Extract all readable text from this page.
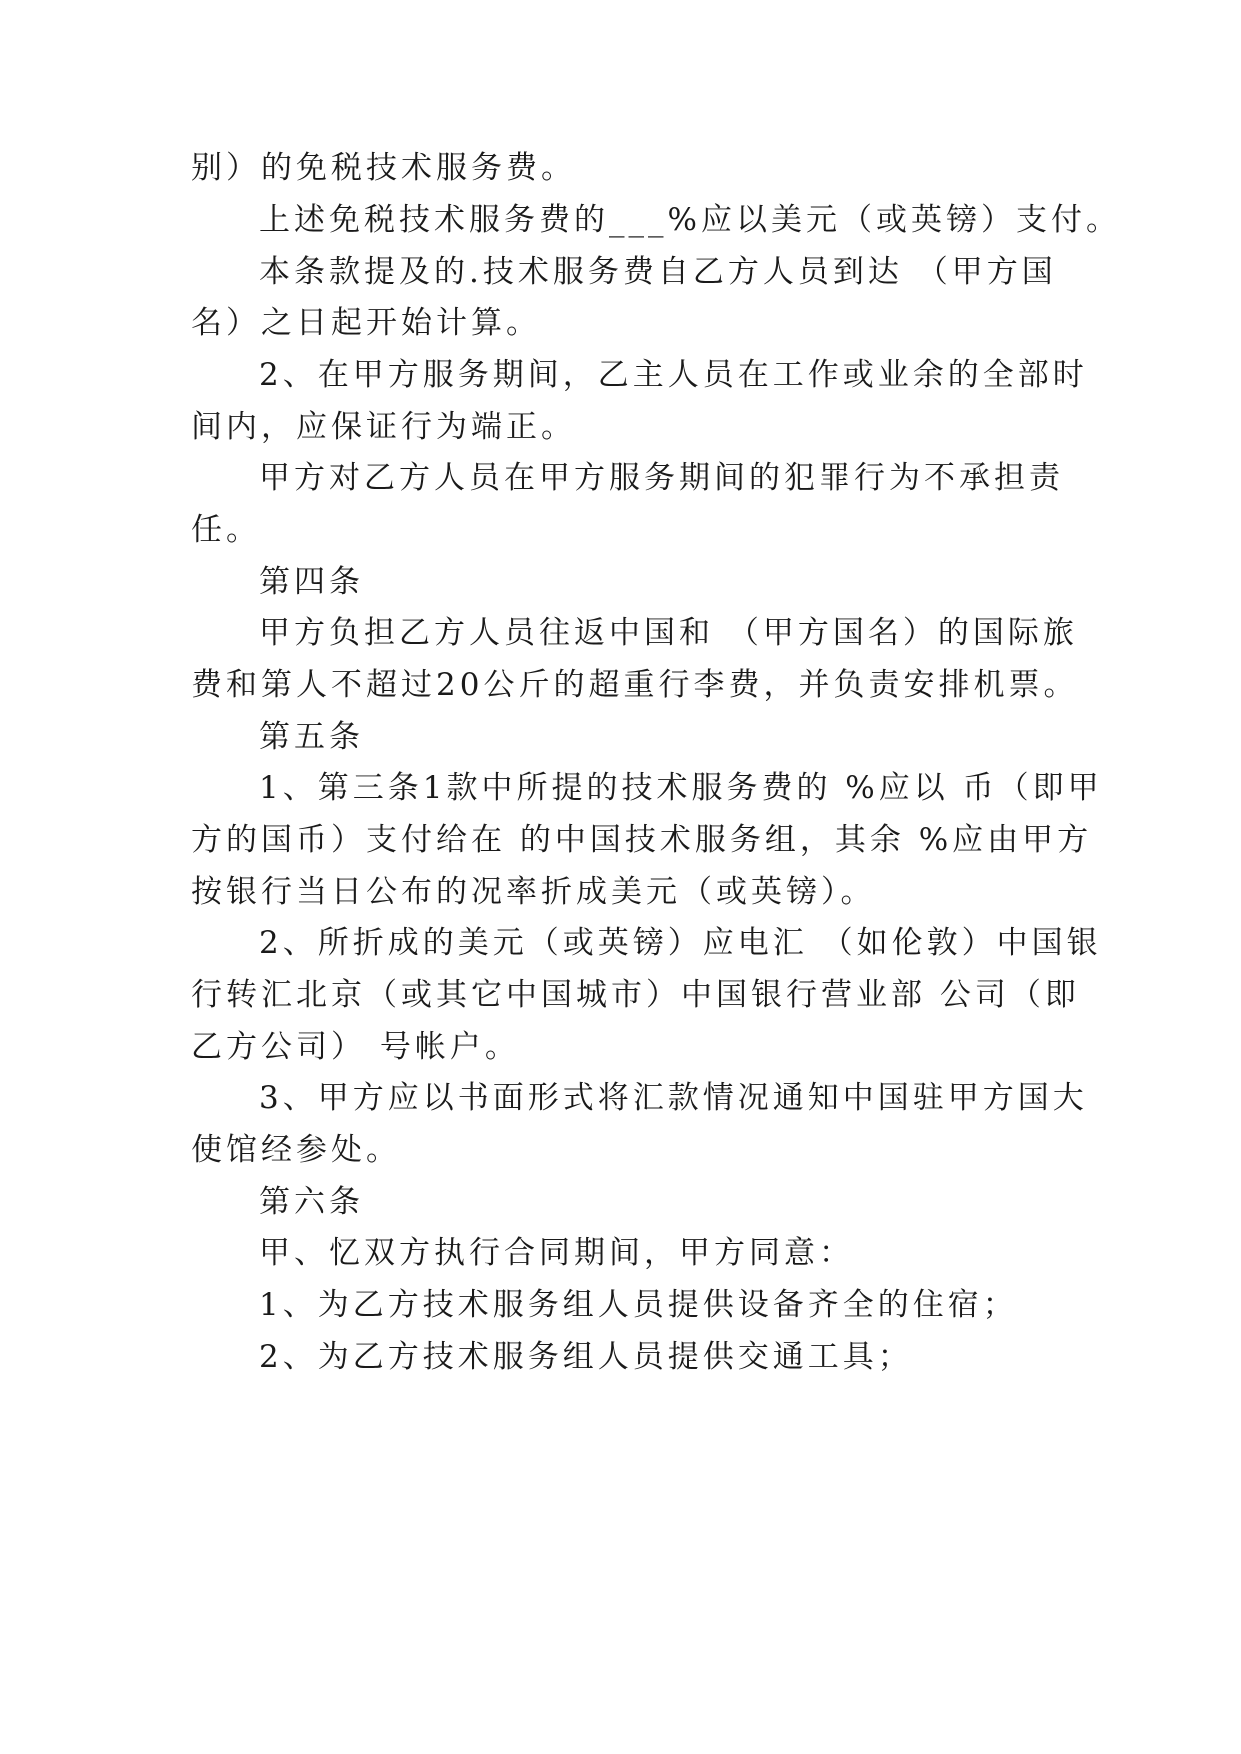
别）的免税技术服务费。
上述免税技术服务费的___%应以美元（或英镑）支付。
本条款提及的.技术服务费自乙方人员到达 （甲方国
名）之日起开始计算。
2、在甲方服务期间，乙主人员在工作或业余的全部时
间内，应保证行为端正。
甲方对乙方人员在甲方服务期间的犯罪行为不承担责
任。
第四条
甲方负担乙方人员往返中国和 （甲方国名）的国际旅
费和第人不超过20公斤的超重行李费，并负责安排机票。
第五条
1、第三条1款中所提的技术服务费的 %应以 币（即甲
方的国币）支付给在 的中国技术服务组，其余 %应由甲方
按银行当日公布的况率折成美元（或英镑）。
2、所折成的美元（或英镑）应电汇 （如伦敦）中国银
行转汇北京（或其它中国城市）中国银行营业部 公司（即
乙方公司） 号帐户。
3、甲方应以书面形式将汇款情况通知中国驻甲方国大
使馆经参处。
第六条
甲、忆双方执行合同期间，甲方同意：
1、为乙方技术服务组人员提供设备齐全的住宿；
2、为乙方技术服务组人员提供交通工具；
